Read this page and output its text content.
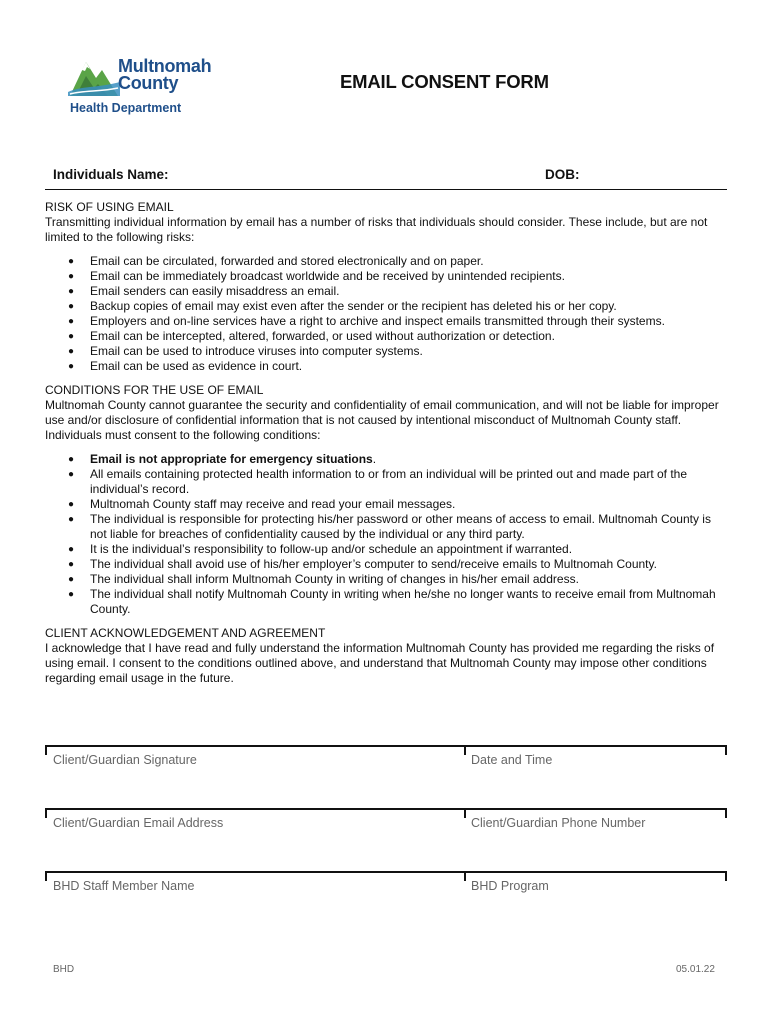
Multnomah
County
Health Department
EMAIL CONSENT FORM
Individuals Name:	DOB:

RISK OF USING EMAIL

Transmitting individual information by email has a number of risks that individuals should consider. These include, but are not limited to the following risks:

● Email can be circulated, forwarded and stored electronically and on paper.
● Email can be immediately broadcast worldwide and be received by unintended recipients.
● Email senders can easily misaddress an email.
● Backup copies of email may exist even after the sender or the recipient has deleted his or her copy.
● Employers and on-line services have a right to archive and inspect emails transmitted through their systems.
● Email can be intercepted, altered, forwarded, or used without authorization or detection.
● Email can be used to introduce viruses into computer systems.
● Email can be used as evidence in court.

CONDITIONS FOR THE USE OF EMAIL

Multnomah County cannot guarantee the security and confidentiality of email communication, and will not be liable for improper use and/or disclosure of confidential information that is not caused by intentional misconduct of Multnomah County staff. Individuals must consent to the following conditions:

● Email is not appropriate for emergency situations.
● All emails containing protected health information to or from an individual will be printed out and made part of the individual’s record.
● Multnomah County staff may receive and read your email messages.
● The individual is responsible for protecting his/her password or other means of access to email. Multnomah County is not liable for breaches of confidentiality caused by the individual or any third party.
● It is the individual’s responsibility to follow-up and/or schedule an appointment if warranted.
● The individual shall avoid use of his/her employer’s computer to send/receive emails to Multnomah County.
● The individual shall inform Multnomah County in writing of changes in his/her email address.
● The individual shall notify Multnomah County in writing when he/she no longer wants to receive email from Multnomah County.

CLIENT ACKNOWLEDGEMENT AND AGREEMENT

I acknowledge that I have read and fully understand the information Multnomah County has provided me regarding the risks of using email. I consent to the conditions outlined above, and understand that Multnomah County may impose other conditions regarding email usage in the future.

Client/Guardian Signature	Date and Time
Client/Guardian Email Address	Client/Guardian Phone Number
BHD Staff Member Name	BHD Program
BHD	05.01.22
